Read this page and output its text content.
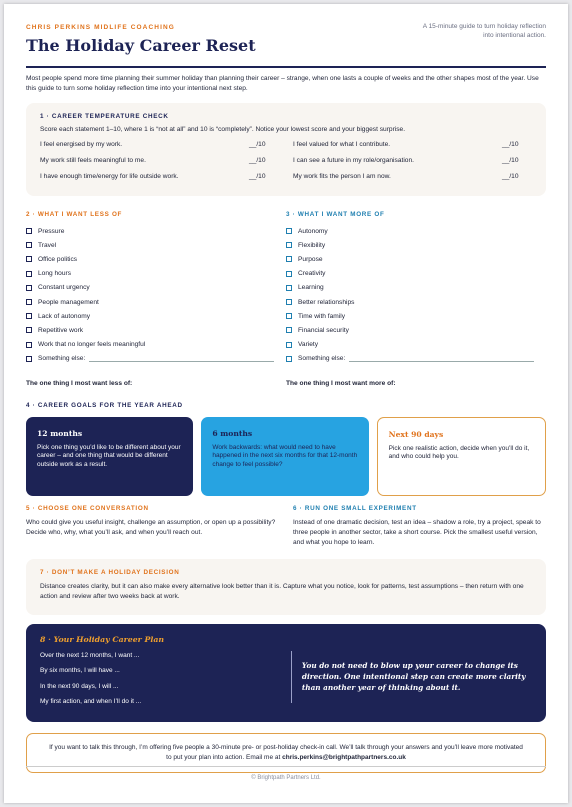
CHRIS PERKINS MIDLIFE COACHING
The Holiday Career Reset
A 15-minute guide to turn holiday reflection into intentional action.

Most people spend more time planning their summer holiday than planning their career – strange, when one lasts a couple of weeks and the other shapes most of the year. Use this guide to turn some holiday reflection time into your intentional next step.

1 · CAREER TEMPERATURE CHECK
Score each statement 1–10, where 1 is “not at all” and 10 is “completely”. Notice your lowest score and your biggest surprise.
I feel energised by my work.	__/10	I feel valued for what I contribute.	__/10
My work still feels meaningful to me.	__/10	I can see a future in my role/organisation.	__/10
I have enough time/energy for life outside work.	__/10	My work fits the person I am now.	__/10
2 · WHAT I WANT LESS OF
Pressure
Travel
Office politics
Long hours
Constant urgency
People management
Lack of autonomy
Repetitive work
Work that no longer feels meaningful
Something else:
3 · WHAT I WANT MORE OF
Autonomy
Flexibility
Purpose
Creativity
Learning
Better relationships
Time with family
Financial security
Variety
Something else:
The one thing I most want less of:	The one thing I most want more of:
4 · CAREER GOALS FOR THE YEAR AHEAD
12 months

Pick one thing you’d like to be different about your career – and one thing that would be different outside work as a result.

6 months

Work backwards: what would need to have happened in the next six months for that 12-month change to feel possible?

Next 90 days

Pick one realistic action, decide when you’ll do it, and who could help you.

5 · CHOOSE ONE CONVERSATION

Who could give you useful insight, challenge an assumption, or open up a possibility? Decide who, why, what you’ll ask, and when you’ll reach out.

6 · RUN ONE SMALL EXPERIMENT

Instead of one dramatic decision, test an idea – shadow a role, try a project, speak to three people in another sector, take a short course. Pick the smallest useful version, and what you hope to learn.

7 · DON’T MAKE A HOLIDAY DECISION

Distance creates clarity, but it can also make every alternative look better than it is. Capture what you notice, look for patterns, test assumptions – then return with one action and review after two weeks back at work.

8 · Your Holiday Career Plan
Over the next 12 months, I want ...
By six months, I will have ...
In the next 90 days, I will ...
My first action, and when I’ll do it ...

You do not need to blow up your career to change its direction. One intentional step can create more clarity than another year of thinking about it.

If you want to talk this through, I’m offering five people a 30-minute pre- or post-holiday check-in call. We’ll talk through your answers and you’ll leave more motivated to put your plan into action. Email me at chris.perkins@brightpathpartners.co.uk

© Brightpath Partners Ltd.
